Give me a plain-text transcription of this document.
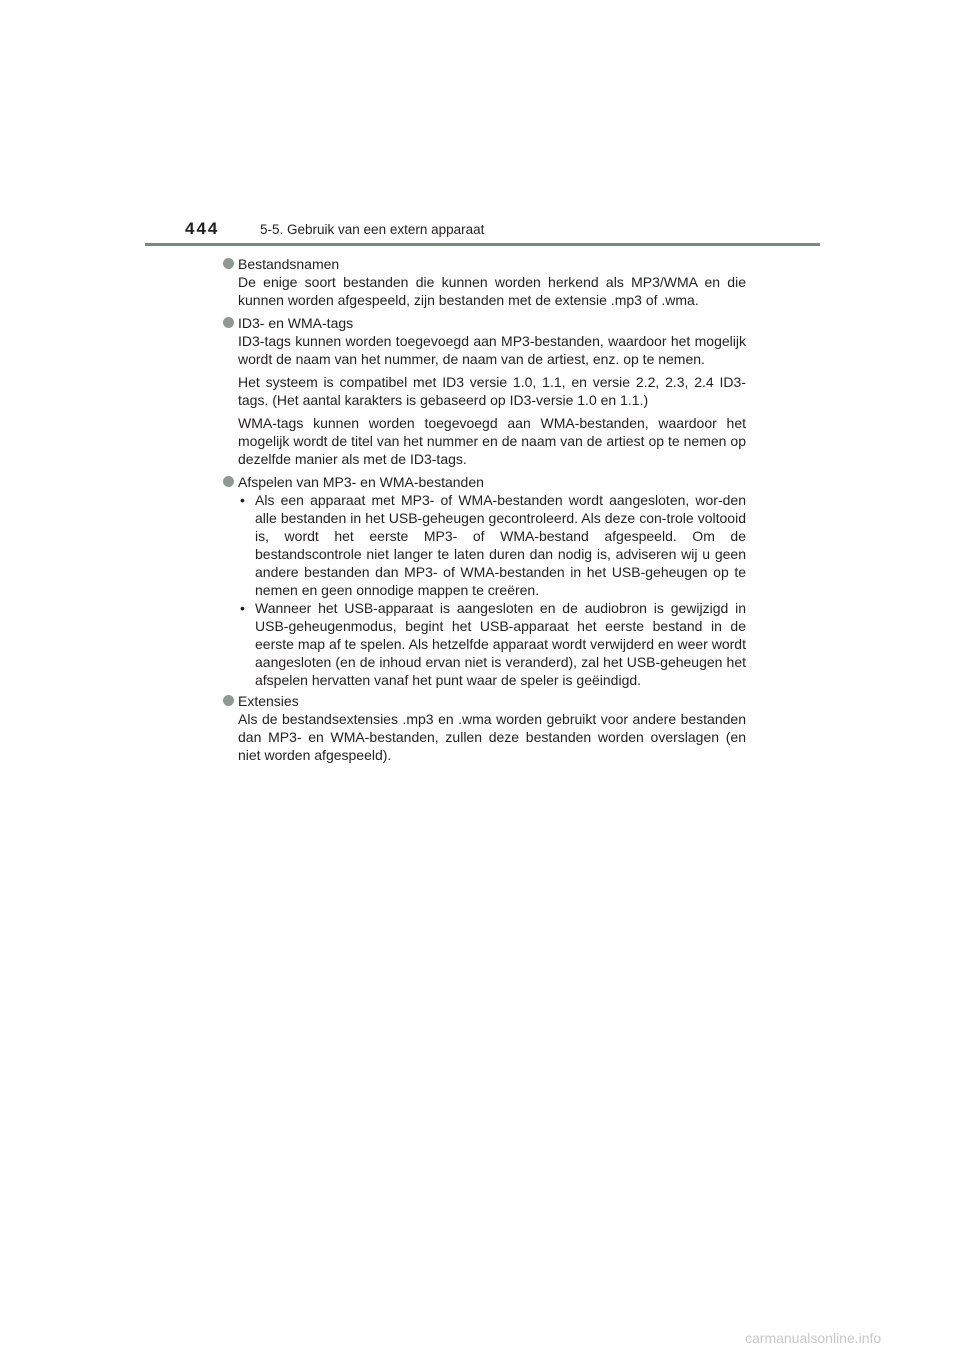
444	5-5. Gebruik van een extern apparaat
Bestandsnamen
De enige soort bestanden die kunnen worden herkend als MP3/WMA en die kunnen worden afgespeeld, zijn bestanden met de extensie .mp3 of .wma.
ID3- en WMA-tags
ID3-tags kunnen worden toegevoegd aan MP3-bestanden, waardoor het mogelijk wordt de naam van het nummer, de naam van de artiest, enz. op te nemen.
Het systeem is compatibel met ID3 versie 1.0, 1.1, en versie 2.2, 2.3, 2.4 ID3-tags. (Het aantal karakters is gebaseerd op ID3-versie 1.0 en 1.1.)
WMA-tags kunnen worden toegevoegd aan WMA-bestanden, waardoor het mogelijk wordt de titel van het nummer en de naam van de artiest op te nemen op dezelfde manier als met de ID3-tags.
Afspelen van MP3- en WMA-bestanden
• Als een apparaat met MP3- of WMA-bestanden wordt aangesloten, wor-den alle bestanden in het USB-geheugen gecontroleerd. Als deze con-trole voltooid is, wordt het eerste MP3- of WMA-bestand afgespeeld. Om de bestandscontrole niet langer te laten duren dan nodig is, adviseren wij u geen andere bestanden dan MP3- of WMA-bestanden in het USB-geheugen op te nemen en geen onnodige mappen te creëren.
• Wanneer het USB-apparaat is aangesloten en de audiobron is gewijzigd in USB-geheugenmodus, begint het USB-apparaat het eerste bestand in de eerste map af te spelen. Als hetzelfde apparaat wordt verwijderd en weer wordt aangesloten (en de inhoud ervan niet is veranderd), zal het USB-geheugen het afspelen hervatten vanaf het punt waar de speler is geëindigd.
Extensies
Als de bestandsextensies .mp3 en .wma worden gebruikt voor andere bestanden dan MP3- en WMA-bestanden, zullen deze bestanden worden overslagen (en niet worden afgespeeld).
carmanualsonline.info
